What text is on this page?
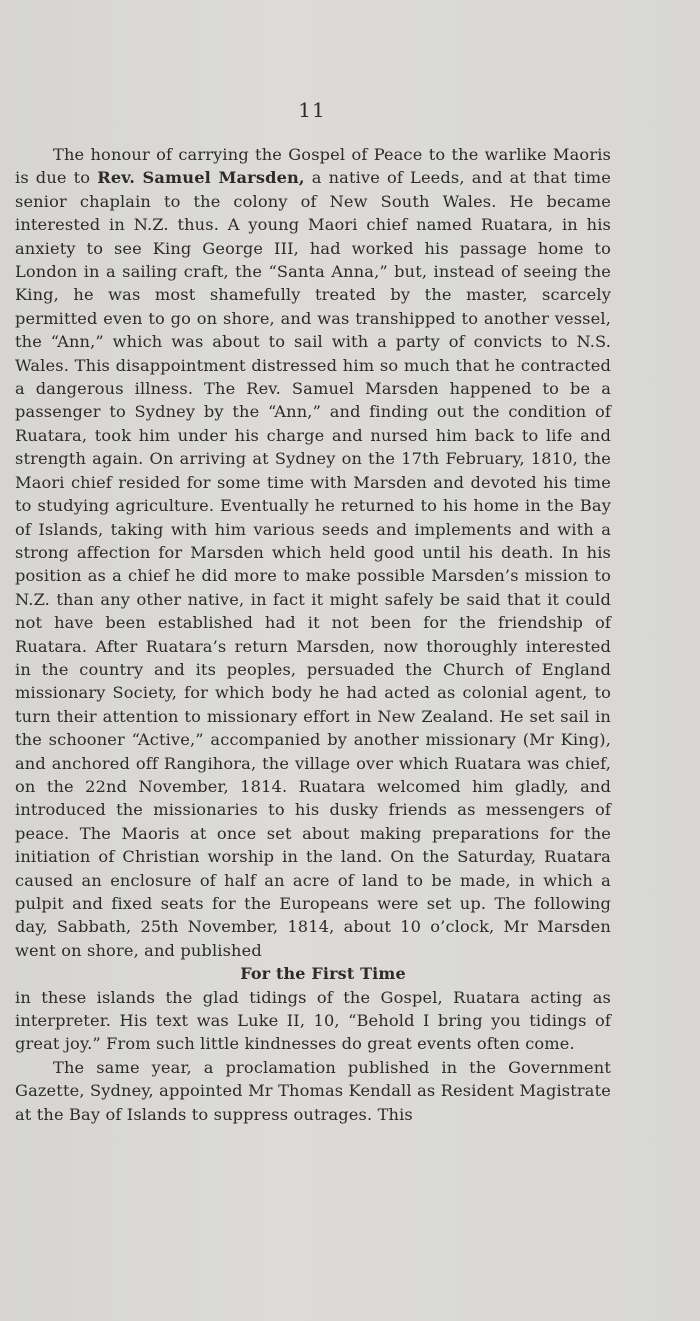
11

The honour of carrying the Gospel of Peace to the warlike Maoris is due to Rev. Samuel Marsden, a native of Leeds, and at that time senior chaplain to the colony of New South Wales. He became interested in N.Z. thus. A young Maori chief named Ruatara, in his anxiety to see King George III, had worked his passage home to London in a sailing craft, the “Santa Anna,” but, instead of seeing the King, he was most shamefully treated by the master, scarcely permitted even to go on shore, and was transhipped to another vessel, the “Ann,” which was about to sail with a party of convicts to N.S. Wales. This disappointment distressed him so much that he contracted a dangerous illness. The Rev. Samuel Marsden happened to be a passenger to Sydney by the “Ann,” and finding out the condition of Ruatara, took him under his charge and nursed him back to life and strength again. On arriving at Sydney on the 17th February, 1810, the Maori chief resided for some time with Marsden and devoted his time to studying agriculture. Eventually he returned to his home in the Bay of Islands, taking with him various seeds and implements and with a strong affection for Marsden which held good until his death. In his position as a chief he did more to make possible Marsden’s mission to N.Z. than any other native, in fact it might safely be said that it could not have been established had it not been for the friendship of Ruatara. After Ruatara’s return Marsden, now thoroughly interested in the country and its peoples, persuaded the Church of England missionary Society, for which body he had acted as colonial agent, to turn their attention to missionary effort in New Zealand. He set sail in the schooner “Active,” accompanied by another missionary (Mr King), and anchored off Rangihora, the village over which Ruatara was chief, on the 22nd November, 1814. Ruatara welcomed him gladly, and introduced the missionaries to his dusky friends as messengers of peace. The Maoris at once set about making preparations for the initiation of Christian worship in the land. On the Saturday, Ruatara caused an enclosure of half an acre of land to be made, in which a pulpit and fixed seats for the Europeans were set up. The following day, Sabbath, 25th November, 1814, about 10 o’clock, Mr Marsden went on shore, and published

For the First Time

in these islands the glad tidings of the Gospel, Ruatara acting as interpreter. His text was Luke II, 10, “Behold I bring you tidings of great joy.” From such little kindnesses do great events often come.

The same year, a proclamation published in the Government Gazette, Sydney, appointed Mr Thomas Kendall as Resident Magistrate at the Bay of Islands to suppress outrages. This
